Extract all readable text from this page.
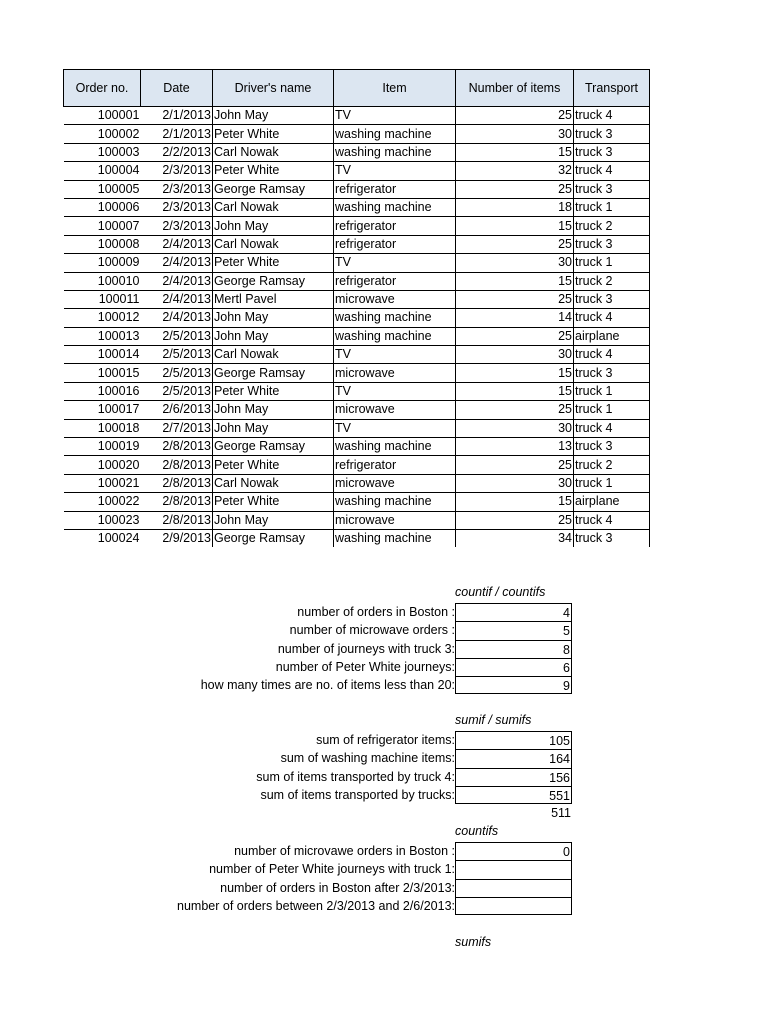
Order no.	Date	Driver's name	Item	Number of items	Transport
100001	2/1/2013	John May	TV	25	truck 4
100002	2/1/2013	Peter White	washing machine	30	truck 3
100003	2/2/2013	Carl Nowak	washing machine	15	truck 3
100004	2/3/2013	Peter White	TV	32	truck 4
100005	2/3/2013	George Ramsay	refrigerator	25	truck 3
100006	2/3/2013	Carl Nowak	washing machine	18	truck 1
100007	2/3/2013	John May	refrigerator	15	truck 2
100008	2/4/2013	Carl Nowak	refrigerator	25	truck 3
100009	2/4/2013	Peter White	TV	30	truck 1
100010	2/4/2013	George Ramsay	refrigerator	15	truck 2
100011	2/4/2013	Mertl Pavel	microwave	25	truck 3
100012	2/4/2013	John May	washing machine	14	truck 4
100013	2/5/2013	John May	washing machine	25	airplane
100014	2/5/2013	Carl Nowak	TV	30	truck 4
100015	2/5/2013	George Ramsay	microwave	15	truck 3
100016	2/5/2013	Peter White	TV	15	truck 1
100017	2/6/2013	John May	microwave	25	truck 1
100018	2/7/2013	John May	TV	30	truck 4
100019	2/8/2013	George Ramsay	washing machine	13	truck 3
100020	2/8/2013	Peter White	refrigerator	25	truck 2
100021	2/8/2013	Carl Nowak	microwave	30	truck 1
100022	2/8/2013	Peter White	washing machine	15	airplane
100023	2/8/2013	John May	microwave	25	truck 4
100024	2/9/2013	George Ramsay	washing machine	34	truck 3
countif / countifs
number of orders in Boston :	4
number of microwave orders :	5
number of journeys with truck 3:	8
number of Peter White journeys:	6
how many times are no. of items less than 20:	9
sumif / sumifs
sum of refrigerator items:	105
sum of washing machine items:	164
sum of items transported by truck 4:	156
sum of items transported by trucks:	551
511
countifs
number of microvawe orders in Boston :	0
number of Peter White journeys with truck 1:
number of orders in Boston after 2/3/2013:
number of orders between 2/3/2013 and 2/6/2013:
sumifs
